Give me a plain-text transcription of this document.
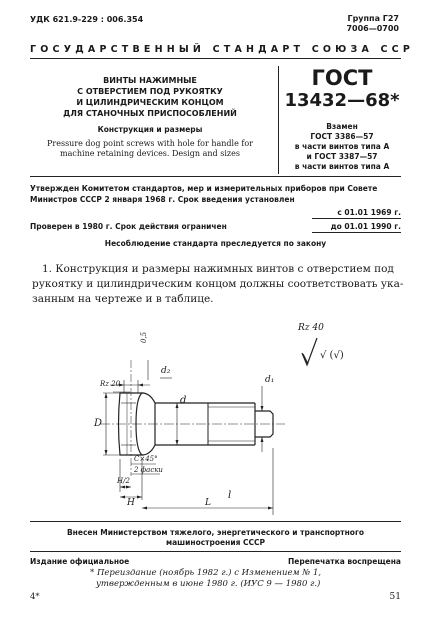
УДК 621.9-229 : 006.354	Группа Г27
7006—0700
ГОСУДАРСТВЕННЫЙ СТАНДАРТ СОЮЗА ССР
ВИНТЫ НАЖИМНЫЕ
С ОТВЕРСТИЕМ ПОД РУКОЯТКУ
И ЦИЛИНДРИЧЕСКИМ КОНЦОМ
ДЛЯ СТАНОЧНЫХ ПРИСПОСОБЛЕНИЙ
Конструкция и размеры
Pressure dog point screws with hole for handle for
machine retaining devices. Design and sizes
ГОСТ
13432—68*
Взамен
ГОСТ 3386—57
в части винтов типа А
и ГОСТ 3387—57
в части винтов типа А
Утвержден Комитетом стандартов, мер и измерительных приборов при Совете
Министров СССР 2 января 1968 г. Срок введения установлен
с 01.01 1969 г.
Проверен в 1980 г. Срок действия ограничен	до 01.01 1990 г.
Несоблюдение стандарта преследуется по закону
1. Конструкция и размеры нажимных винтов с отверстием под
рукоятку и цилиндрическим концом должны соответствовать ука-
занным на чертеже и в таблице.
Rz 40
√ (√)
Rz 20
0,5
d₂
D
d
d₁
C×45°
2 фаски
H/2
H
l
L
Внесен Министерством тяжелого, энергетического и транспортного
машиностроения СССР
Издание официальное	Перепечатка воспрещена
* Переиздание (ноябрь 1982 г.) с Изменением № 1,
утвержденным в июне 1980 г. (ИУС 9 — 1980 г.)
4*	51
